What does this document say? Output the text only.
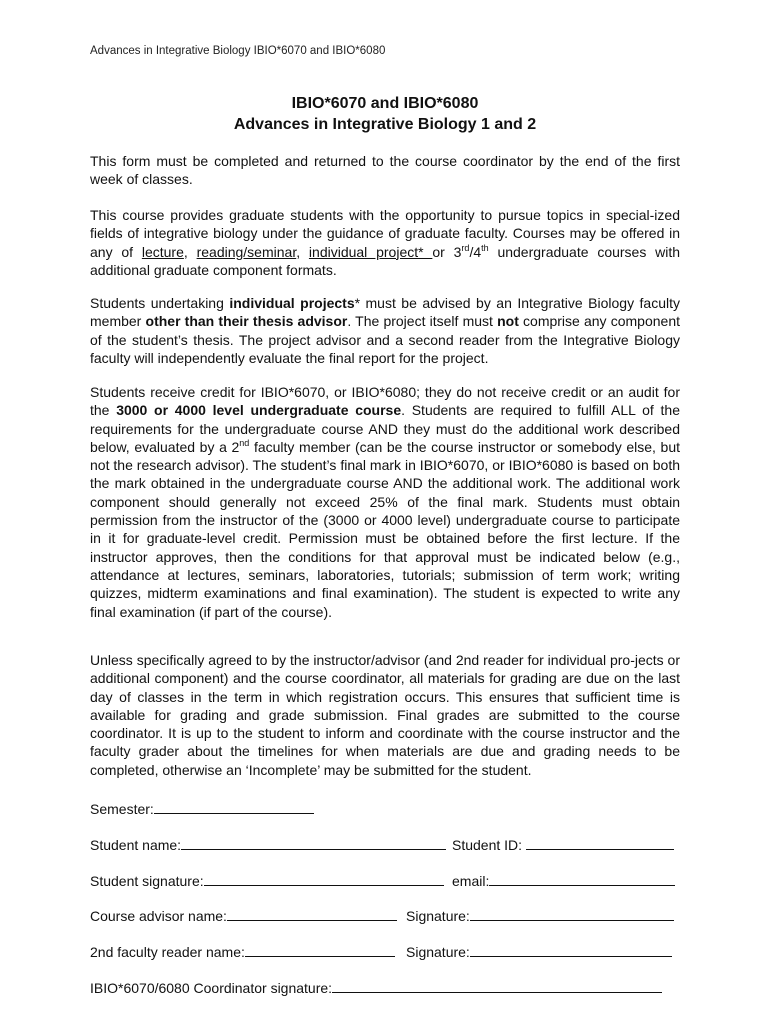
Advances in Integrative Biology IBIO*6070 and IBIO*6080
IBIO*6070 and IBIO*6080
Advances in Integrative Biology 1 and 2

This form must be completed and returned to the course coordinator by the end of the first week of classes.

This course provides graduate students with the opportunity to pursue topics in special-ized fields of integrative biology under the guidance of graduate faculty. Courses may be offered in any of lecture, reading/seminar, individual project* or 3rd/4th undergraduate courses with additional graduate component formats.

Students undertaking individual projects* must be advised by an Integrative Biology faculty member other than their thesis advisor. The project itself must not comprise any component of the student’s thesis. The project advisor and a second reader from the Integrative Biology faculty will independently evaluate the final report for the project.

Students receive credit for IBIO*6070, or IBIO*6080; they do not receive credit or an audit for the 3000 or 4000 level undergraduate course. Students are required to fulfill ALL of the requirements for the undergraduate course AND they must do the additional work described below, evaluated by a 2nd faculty member (can be the course instructor or somebody else, but not the research advisor). The student’s final mark in IBIO*6070, or IBIO*6080 is based on both the mark obtained in the undergraduate course AND the additional work. The additional work component should generally not exceed 25% of the final mark. Students must obtain permission from the instructor of the (3000 or 4000 level) undergraduate course to participate in it for graduate-level credit. Permission must be obtained before the first lecture. If the instructor approves, then the conditions for that approval must be indicated below (e.g., attendance at lectures, seminars, laboratories, tutorials; submission of term work; writing quizzes, midterm examinations and final examination). The student is expected to write any final examination (if part of the course).

Unless specifically agreed to by the instructor/advisor (and 2nd reader for individual pro-jects or additional component) and the course coordinator, all materials for grading are due on the last day of classes in the term in which registration occurs. This ensures that sufficient time is available for grading and grade submission. Final grades are submitted to the course coordinator. It is up to the student to inform and coordinate with the course instructor and the faculty grader about the timelines for when materials are due and grading needs to be completed, otherwise an ‘Incomplete’ may be submitted for the student.

Semester:
Student name:	Student ID:
Student signature:	email:
Course advisor name:	Signature:
2nd faculty reader name:	Signature:
IBIO*6070/6080 Coordinator signature:
